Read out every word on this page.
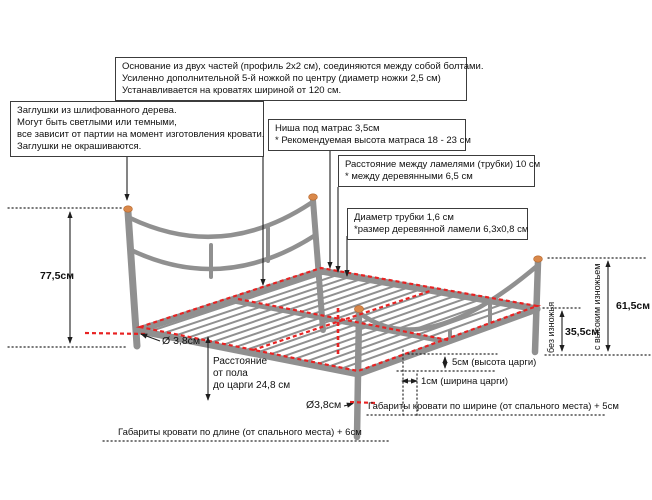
Основание из двух частей (профиль 2х2 см), соединяются между собой болтами.
Усиленно дополнительной 5-й ножкой по центру (диаметр ножки 2,5 см)
Устанавливается на кроватях шириной от 120 см.
Заглушки из шлифованного дерева.
Могут быть светлыми или темными,
все зависит от партии на момент изготовления кровати.
Заглушки не окрашиваются.
Ниша под матрас 3,5см
* Рекомендуемая высота матраса 18 - 23 см
Расстояние между ламелями (трубки) 10 см
* между деревянными 6,5 см
Диаметр трубки 1,6 см
*размер деревянной ламели 6,3х0,8 см
77,5см
Ø 3,8см
Расстояние
от пола
до царги 24,8 см
Ø3,8см
5см (высота царги)
1см (ширина царги)
Габариты кровати по ширине (от спального места) + 5см
Габариты кровати по длине (от спального места) + 6см
без изножья 35,5см
с высоким изножьем 61,5см
